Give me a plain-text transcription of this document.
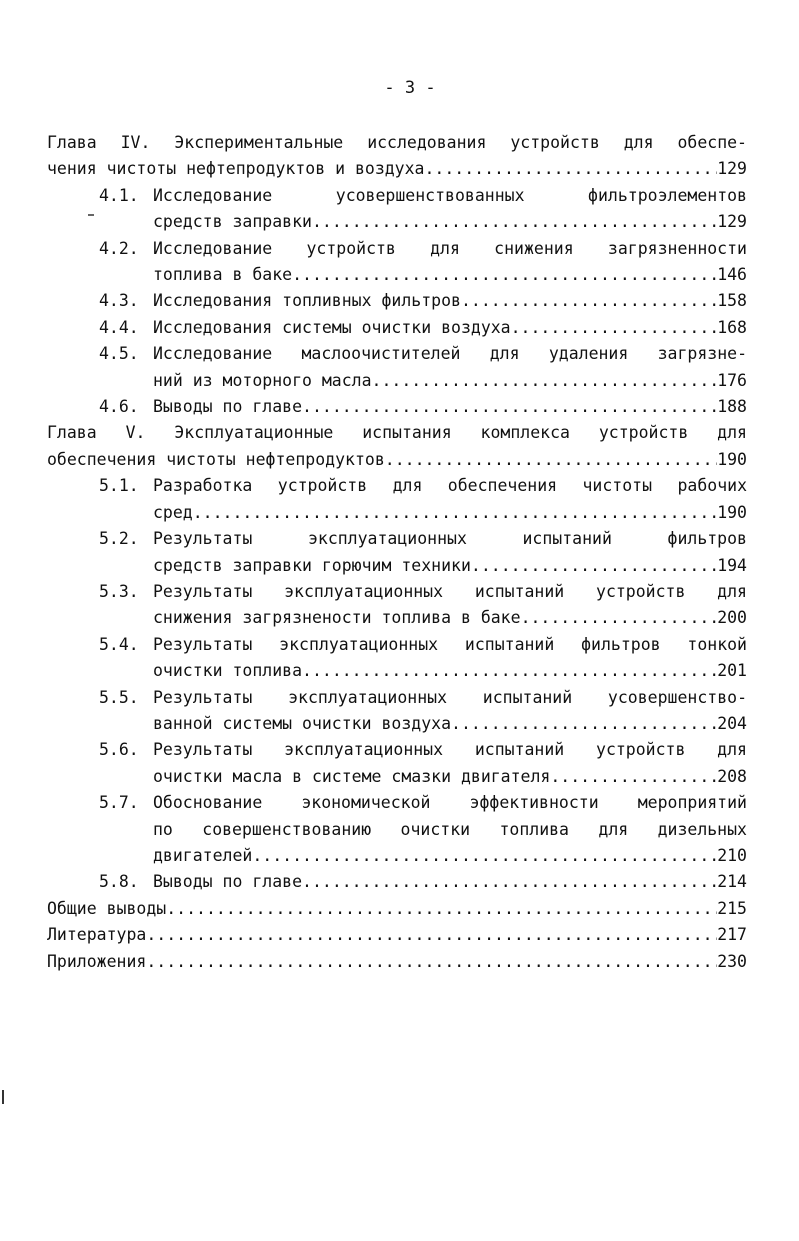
- 3 -
Глава IV. Экспериментальные исследования устройств для обеспе-
чения чистоты нефтепродуктов и воздуха .....	129
4.1. Исследование усовершенствованных фильтроэлементов
средств заправки .....	129
4.2. Исследование устройств для снижения загрязненности
топлива в баке .....	146
4.3. Исследования топливных фильтров .....	158
4.4. Исследования системы очистки воздуха .....	168
4.5. Исследование маслоочистителей для удаления загрязне-
ний из моторного масла .....	176
4.6. Выводы по главе .....	188
Глава V. Эксплуатационные испытания комплекса устройств для
обеспечения чистоты нефтепродуктов .....	190
5.1. Разработка устройств для обеспечения чистоты рабочих
сред .....	190
5.2. Результаты эксплуатационных испытаний фильтров
средств заправки горючим техники .....	194
5.3. Результаты эксплуатационных испытаний устройств для
снижения загрязнености топлива в баке .....	200
5.4. Результаты эксплуатационных испытаний фильтров тонкой
очистки топлива .....	201
5.5. Результаты эксплуатационных испытаний усовершенство-
ванной системы очистки воздуха .....	204
5.6. Результаты эксплуатационных испытаний устройств для
очистки масла в системе смазки двигателя .....	208
5.7. Обоснование экономической эффективности мероприятий
по совершенствованию очистки топлива для дизельных
двигателей .....	210
5.8. Выводы по главе .....	214
Общие выводы .....	215
Литература .....	217
Приложения .....	230
